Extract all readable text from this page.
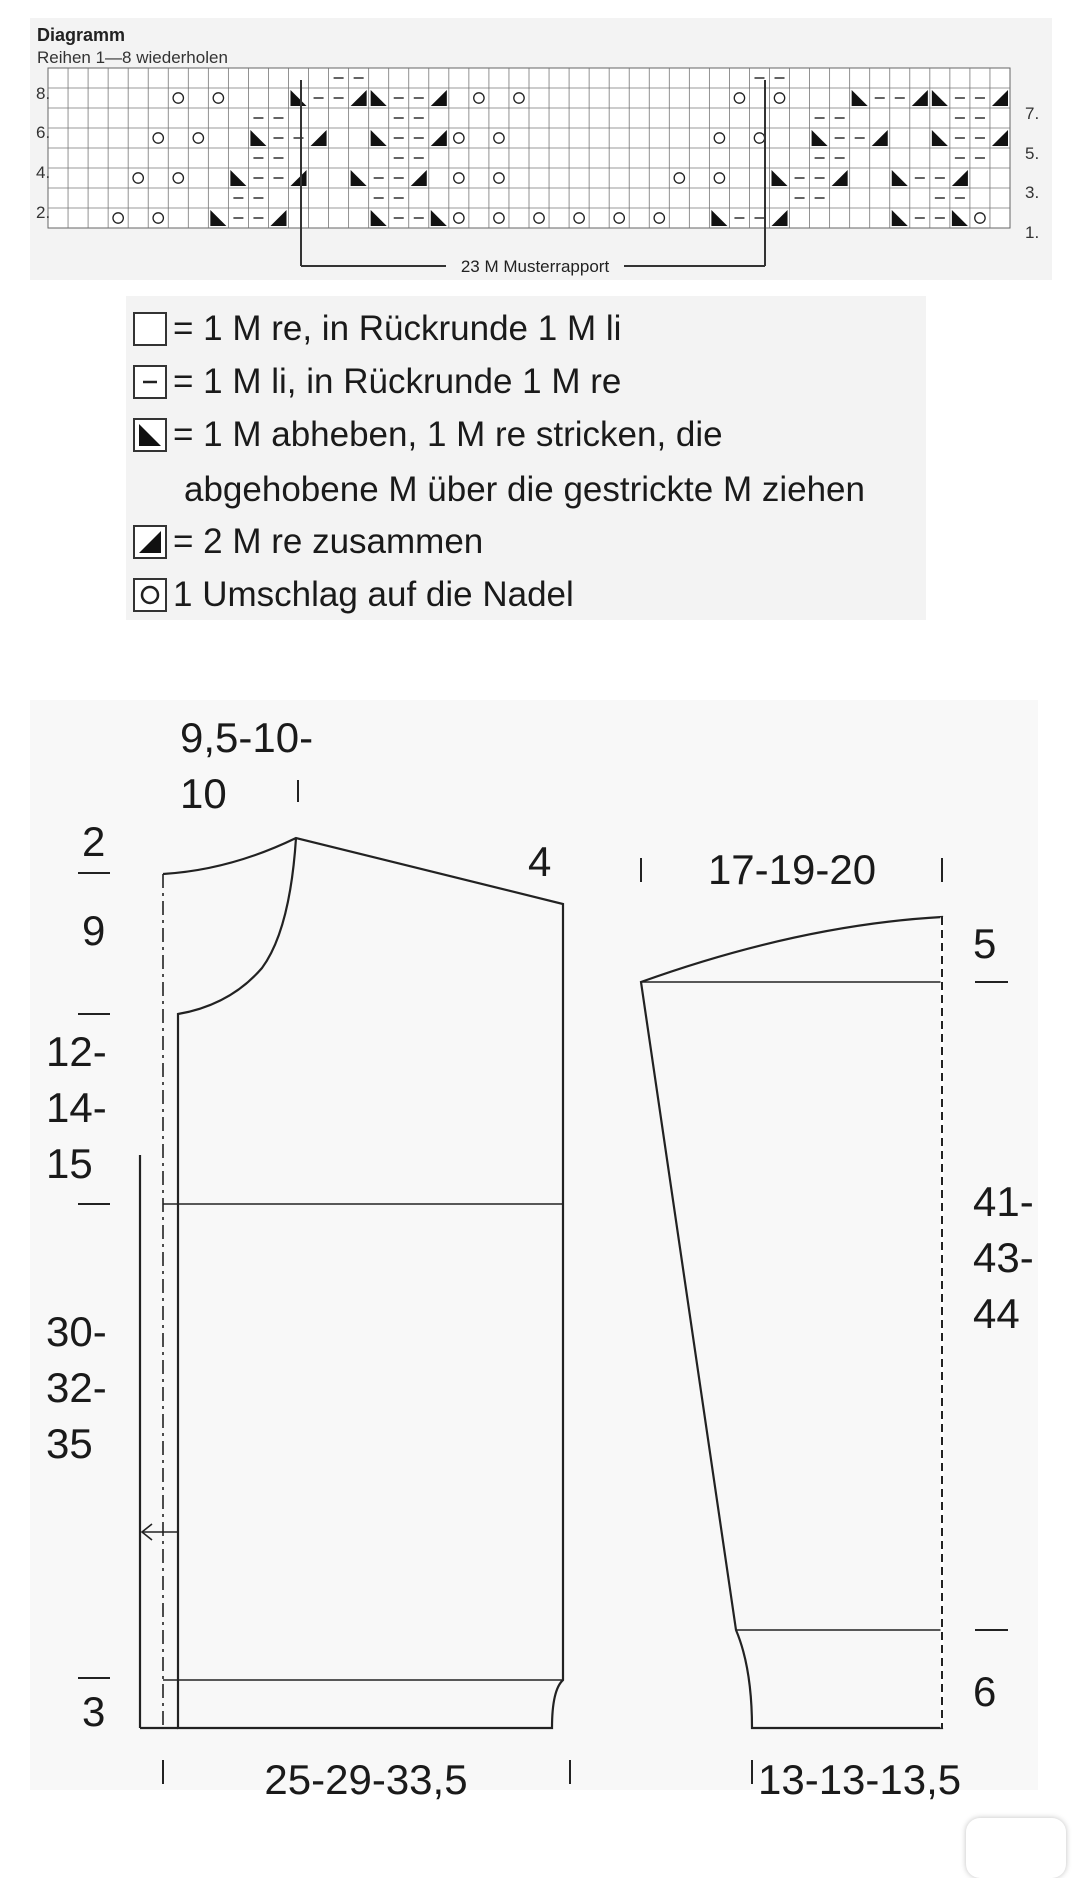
Diagramm
Reihen 1—8 wiederholen
23 M Musterrapport
8.
6.
4.
2.
7.
5.
3.
1.
= 1 M re, in Rückrunde 1 M li
= 1 M li, in Rückrunde 1 M re
= 1 M abheben, 1 M re stricken, die
abgehobene M über die gestrickte M ziehen
= 2 M re zusammen
1 Umschlag auf die Nadel
9,5-10-
10
2
9
4
12-
14-
15
30-
32-
35
3
25-29-33,5
17-19-20
5
41-
43-
44
6
13-13-13,5
